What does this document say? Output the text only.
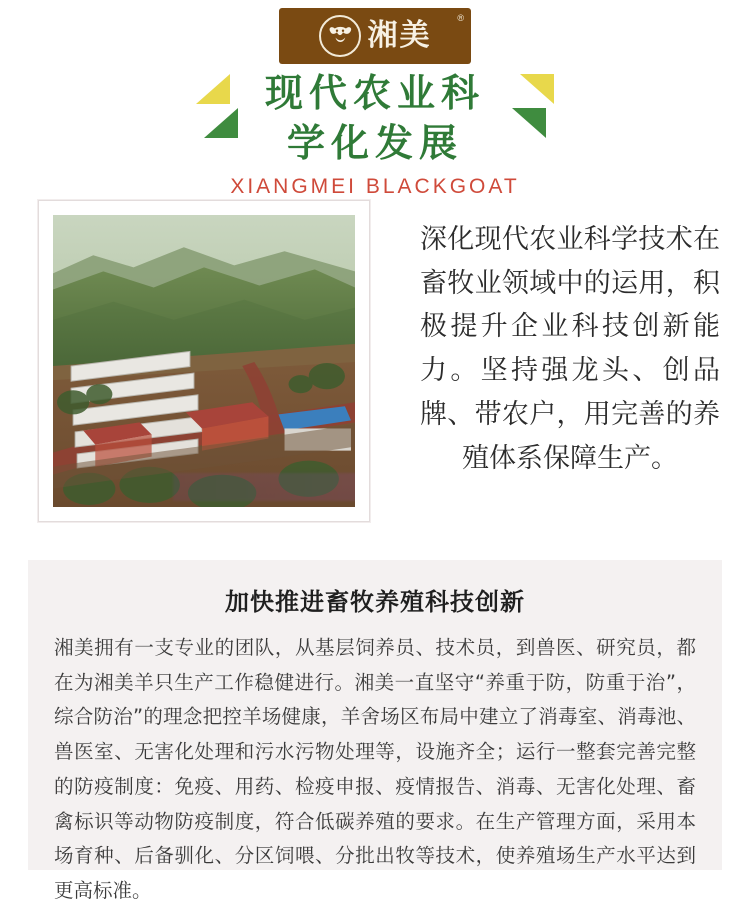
®
湘美
现代农业科
学化发展
XIANGMEI BLACKGOAT
深化现代农业科学技术在畜牧业领域中的运用，积极提升企业科技创新能力。坚持强龙头、创品牌、带农户，用完善的养殖体系保障生产。
加快推进畜牧养殖科技创新
湘美拥有一支专业的团队，从基层饲养员、技术员，到兽医、研究员，都在为湘美羊只生产工作稳健进行。湘美一直坚守“养重于防，防重于治”，综合防治”的理念把控羊场健康，羊舍场区布局中建立了消毒室、消毒池、兽医室、无害化处理和污水污物处理等，设施齐全；运行一整套完善完整的防疫制度：免疫、用药、检疫申报、疫情报告、消毒、无害化处理、畜禽标识等动物防疫制度，符合低碳养殖的要求。在生产管理方面，采用本场育种、后备驯化、分区饲喂、分批出牧等技术，使养殖场生产水平达到更高标准。
